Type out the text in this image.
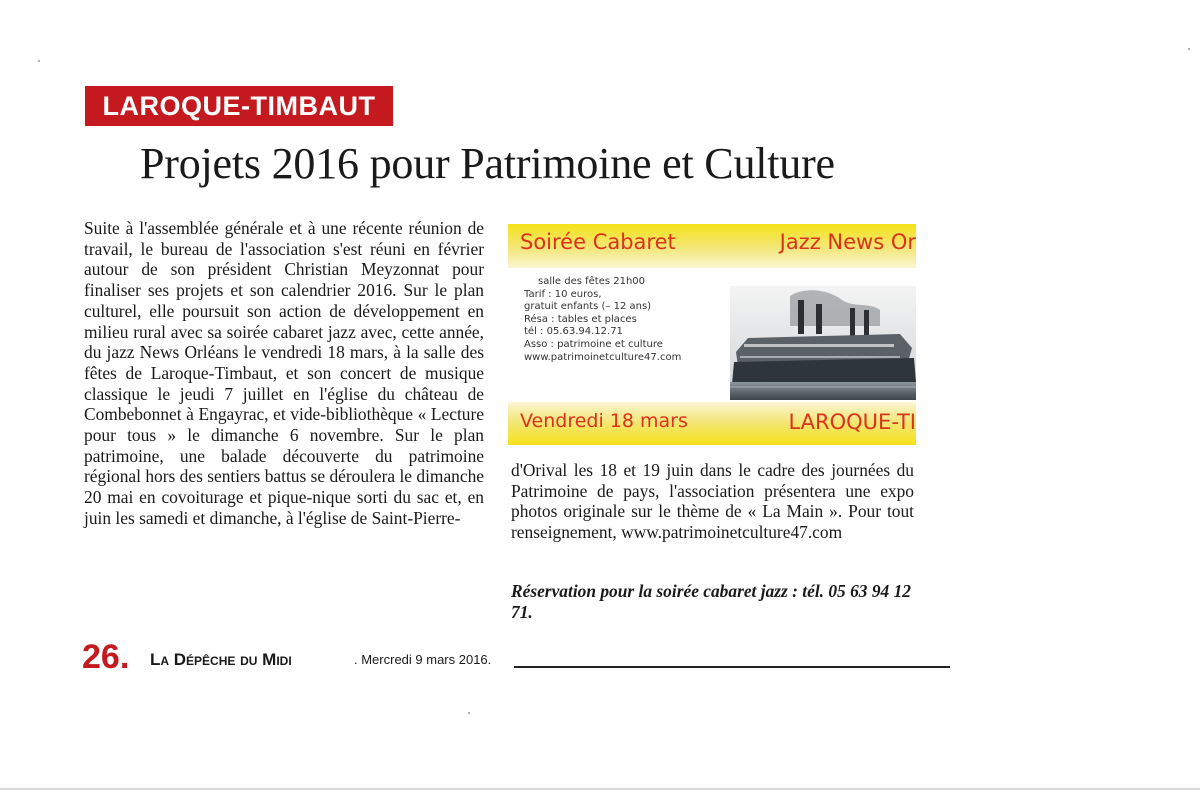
LAROQUE-TIMBAUT
Projets 2016 pour Patrimoine et Culture

Suite à l'assemblée générale et à une récente réunion de travail, le bureau de l'association s'est réuni en février autour de son président Christian Meyzonnat pour finaliser ses projets et son calendrier 2016. Sur le plan culturel, elle poursuit son action de développement en milieu rural avec sa soirée cabaret jazz avec, cette année, du jazz News Orléans le vendredi 18 mars, à la salle des fêtes de Laroque-Timbaut, et son concert de musique classique le jeudi 7 juillet en l'église du château de Combebonnet à Engayrac, et vide-bibliothèque « Lecture pour tous » le dimanche 6 novembre. Sur le plan patrimoine, une balade découverte du patrimoine régional hors des sentiers battus se déroulera le dimanche 20 mai en covoiturage et pique-nique sorti du sac et, en juin les samedi et dimanche, à l'église de Saint-Pierre-

Soirée Cabaret	Jazz News Or
salle des fêtes 21h00
Tarif : 10 euros,
gratuit enfants (– 12 ans)
Résa : tables et places
tél : 05.63.94.12.71
Asso : patrimoine et culture
www.patrimoinetculture47.com
Vendredi 18 mars	LAROQUE-TI

d'Orival les 18 et 19 juin dans le cadre des journées du Patrimoine de pays, l'association présentera une expo photos originale sur le thème de « La Main ». Pour tout renseignement, www.patrimoinetculture47.com

Réservation pour la soirée cabaret jazz : tél. 05 63 94 12 71.

26. La Dépêche du Midi	. Mercredi 9 mars 2016.
